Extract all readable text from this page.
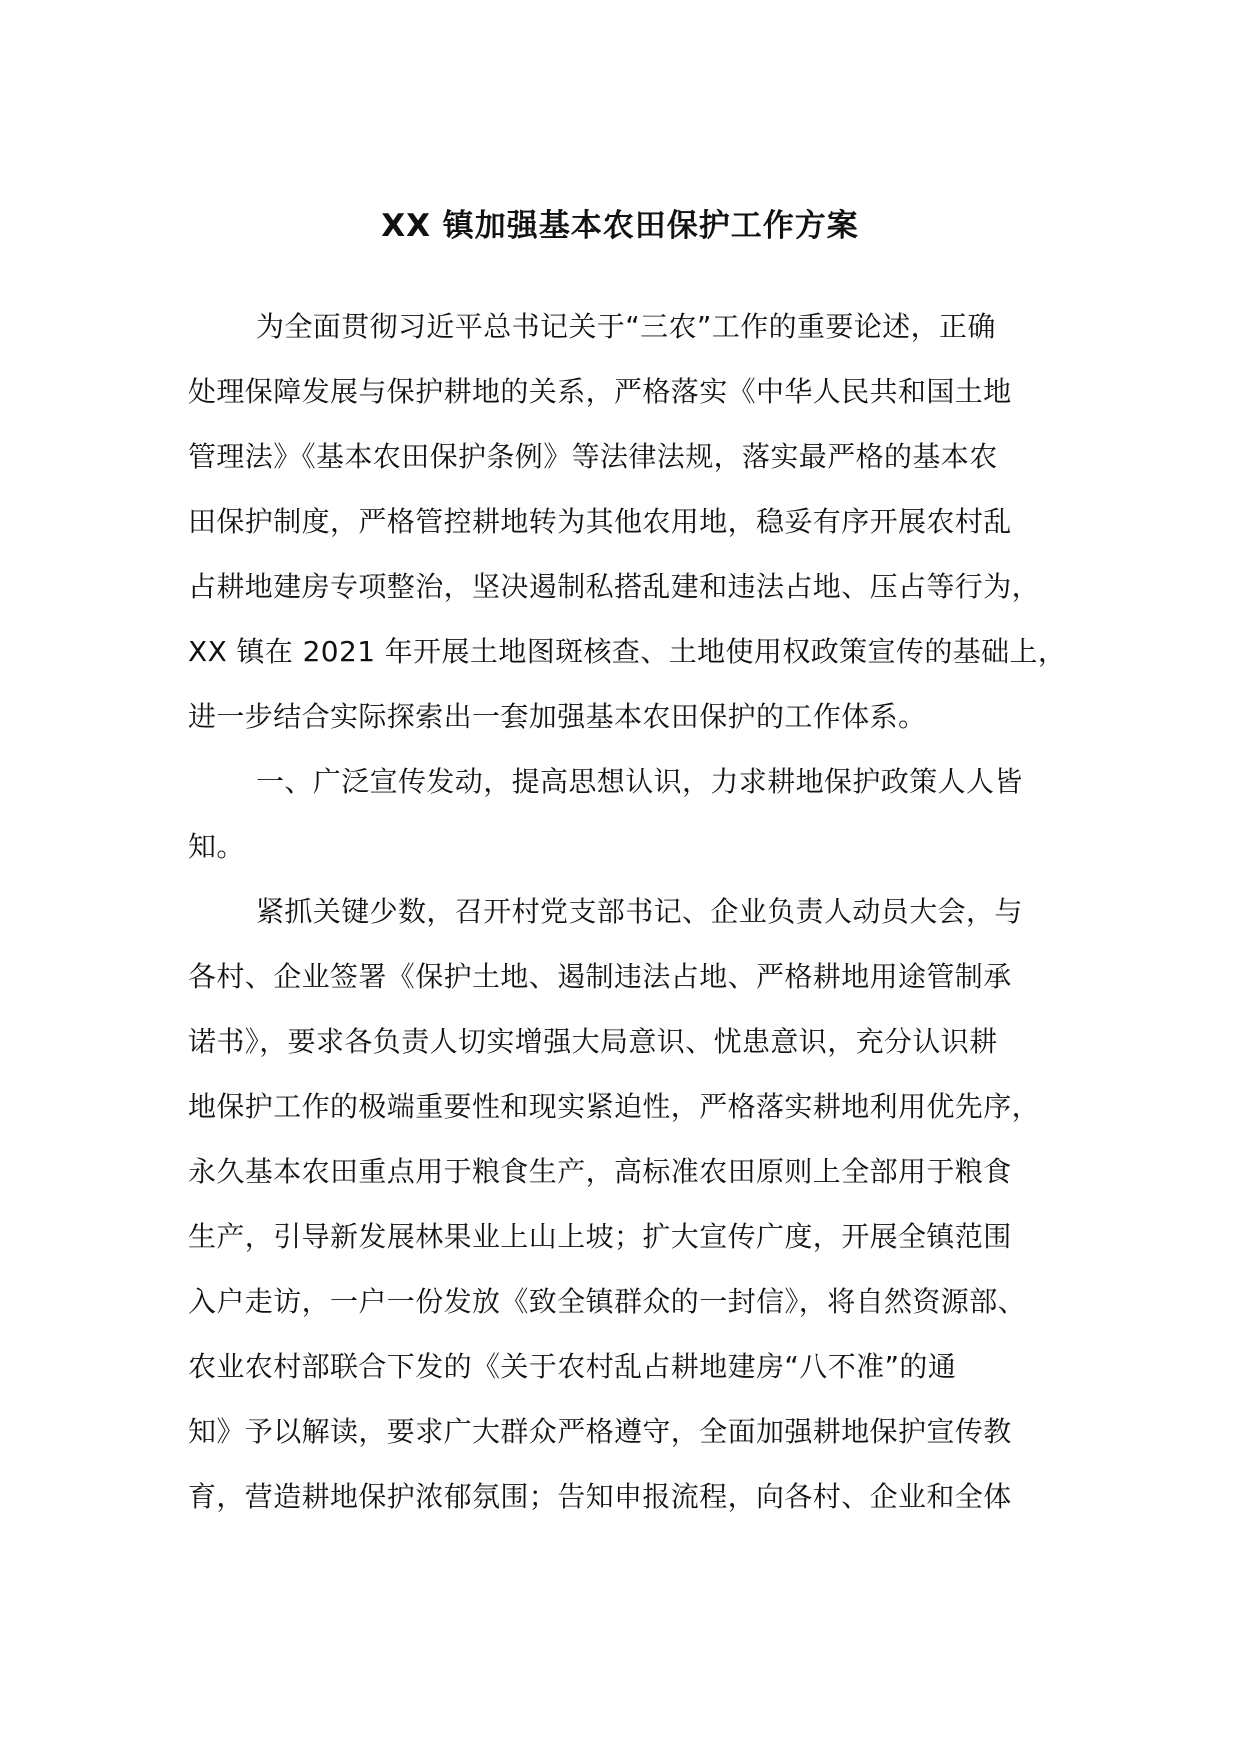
XX 镇加强基本农田保护工作方案
为全面贯彻习近平总书记关于“三农”工作的重要论述，正确
处理保障发展与保护耕地的关系，严格落实《中华人民共和国土地
管理法》《基本农田保护条例》等法律法规，落实最严格的基本农
田保护制度，严格管控耕地转为其他农用地，稳妥有序开展农村乱
占耕地建房专项整治，坚决遏制私搭乱建和违法占地、压占等行为，
XX 镇在 2021 年开展土地图斑核查、土地使用权政策宣传的基础上，
进一步结合实际探索出一套加强基本农田保护的工作体系。
一、广泛宣传发动，提高思想认识，力求耕地保护政策人人皆
知。
紧抓关键少数，召开村党支部书记、企业负责人动员大会，与
各村、企业签署《保护土地、遏制违法占地、严格耕地用途管制承
诺书》，要求各负责人切实增强大局意识、忧患意识，充分认识耕
地保护工作的极端重要性和现实紧迫性，严格落实耕地利用优先序，
永久基本农田重点用于粮食生产，高标准农田原则上全部用于粮食
生产，引导新发展林果业上山上坡；扩大宣传广度，开展全镇范围
入户走访，一户一份发放《致全镇群众的一封信》，将自然资源部、
农业农村部联合下发的《关于农村乱占耕地建房“八不准”的通
知》予以解读，要求广大群众严格遵守，全面加强耕地保护宣传教
育，营造耕地保护浓郁氛围；告知申报流程，向各村、企业和全体
